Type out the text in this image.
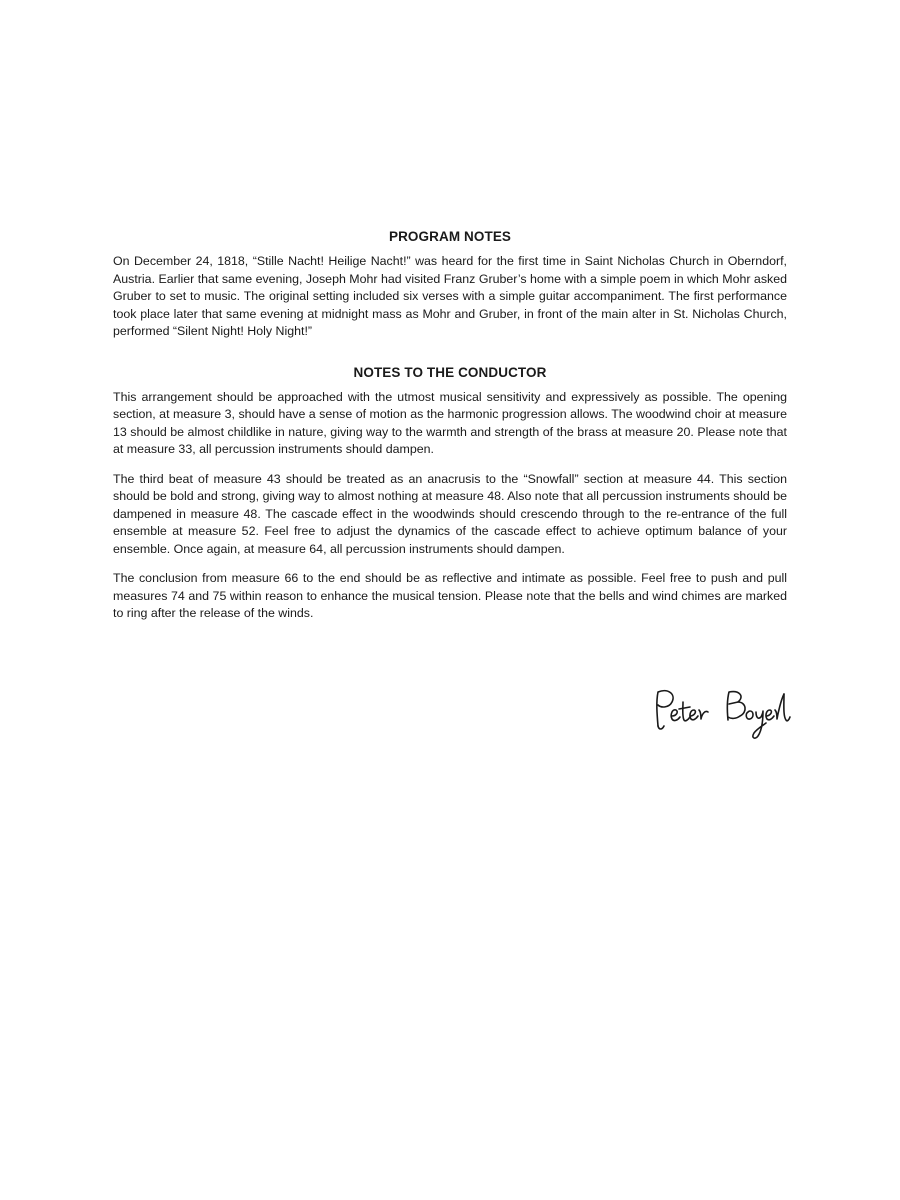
PROGRAM NOTES

On December 24, 1818, “Stille Nacht! Heilige Nacht!” was heard for the first time in Saint Nicholas Church in Oberndorf, Austria. Earlier that same evening, Joseph Mohr had visited Franz Gruber’s home with a simple poem in which Mohr asked Gruber to set to music. The original setting included six verses with a simple guitar accompaniment. The first performance took place later that same evening at midnight mass as Mohr and Gruber, in front of the main alter in St. Nicholas Church, performed “Silent Night! Holy Night!”

NOTES TO THE CONDUCTOR

This arrangement should be approached with the utmost musical sensitivity and expressively as possible. The opening section, at measure 3, should have a sense of motion as the harmonic progression allows. The woodwind choir at measure 13 should be almost childlike in nature, giving way to the warmth and strength of the brass at measure 20. Please note that at measure 33, all percussion instruments should dampen.

The third beat of measure 43 should be treated as an anacrusis to the “Snowfall” section at measure 44. This section should be bold and strong, giving way to almost nothing at measure 48. Also note that all percussion instruments should be dampened in measure 48. The cascade effect in the woodwinds should crescendo through to the re-entrance of the full ensemble at measure 52. Feel free to adjust the dynamics of the cascade effect to achieve optimum balance of your ensemble. Once again, at measure 64, all percussion instruments should dampen.

The conclusion from measure 66 to the end should be as reflective and intimate as possible. Feel free to push and pull measures 74 and 75 within reason to enhance the musical tension. Please note that the bells and wind chimes are marked to ring after the release of the winds.
